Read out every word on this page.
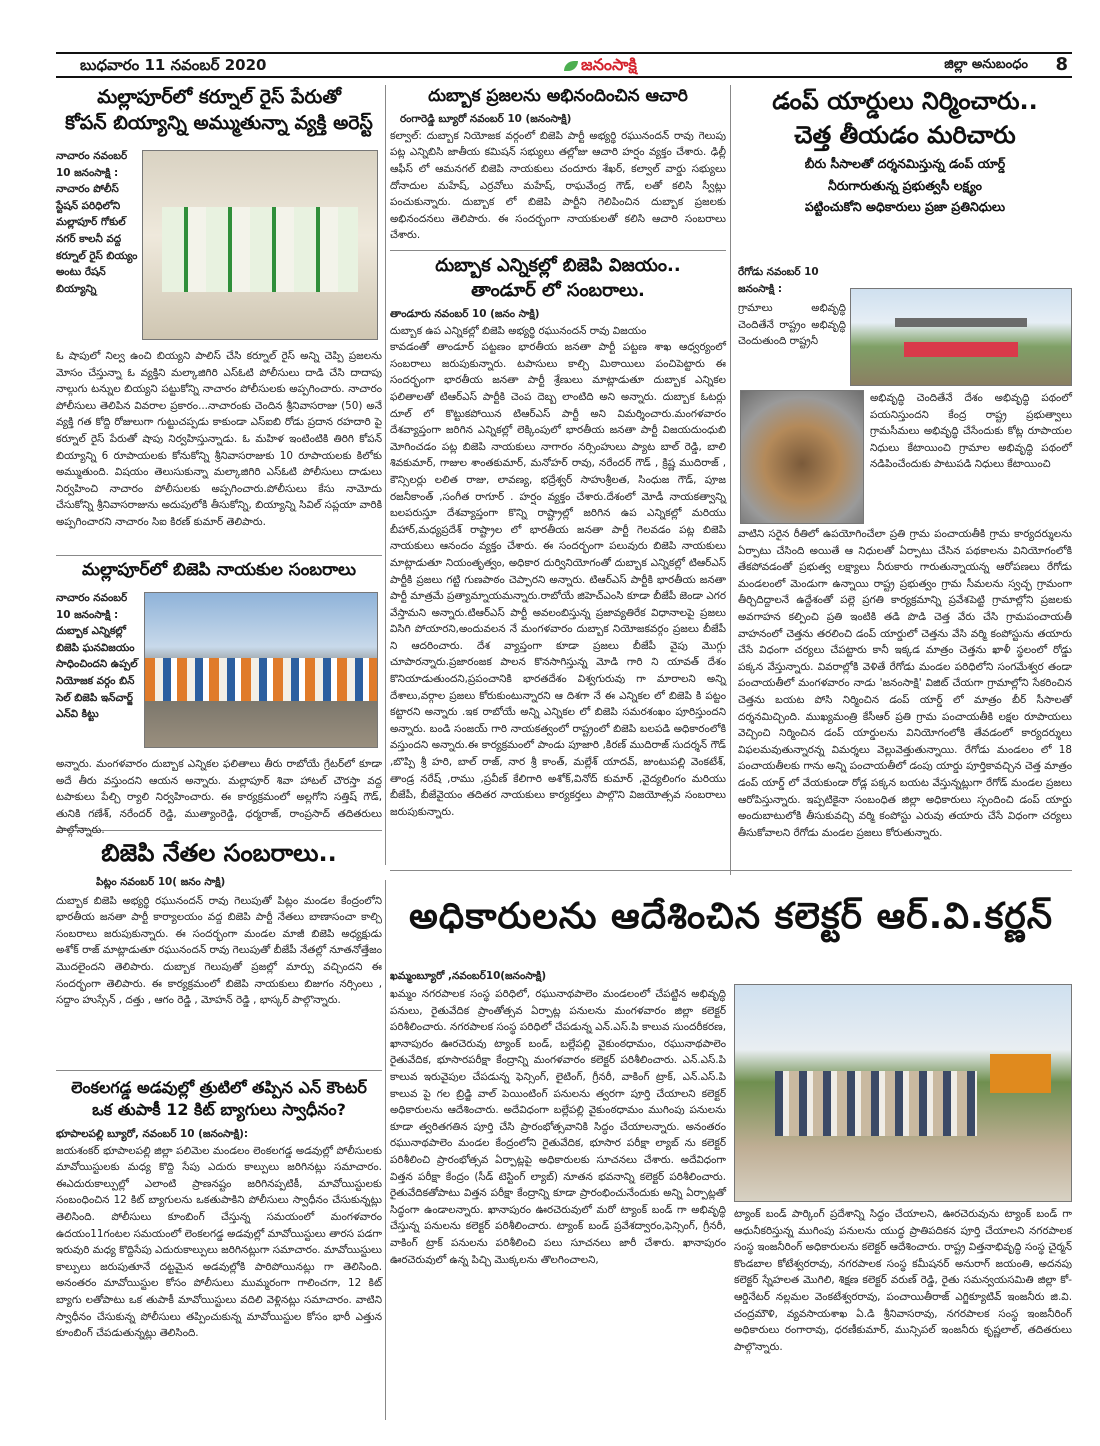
బుధవారం 11 నవంబర్ 2020	జనంసాక్షి	జిల్లా అనుబంధం 8
మల్లాపూర్‌లో కర్నూల్ రైస్ పేరుతో
కోపన్ బియ్యాన్ని అమ్ముతున్నా వ్యక్తి అరెస్ట్
నాచారం నవంబర్ 10 జనంసాక్షి : నాచారం పోలీస్ స్టేషన్ పరిధిలోని మల్లాపూర్ గోకుల్ నగర్ కాలనీ వద్ద కర్నూల్ రైస్ బియ్యం అంటు రేషన్ బియ్యాన్ని
ఓ షాపులో నిల్వ ఉంచి బియ్యని పాలిస్ చేసి కర్నూల్ రైస్ అన్ని చెప్పి ప్రజలను మోసం చేస్తున్నా ఓ వ్యక్తిని మల్కాజిగిరి ఎస్ఓటి పోలీసులు దాడి చేసి దాదాపు నాల్గుగు టన్నుల బియ్యని పట్టుకోన్ని నాచారం పోలీసులకు అప్పగించారు. నాచారం పోలీసులు తెలిపిన వివరాల ప్రకారం...నాచారంకు చెందిన శ్రీనివాసరాజు (50) అనే వ్యక్తి గత కోద్ది రోజులుగా గుట్టుచప్పడు కాకుండా ఎస్ఐబి రోడు ప్రదాన రహదారి పై కర్నూల్ రైస్ పేరుతో షాపు నిర్వహిస్తున్నాడు. ఓ మహిళ ఇంటింటికి తిరిగి కోపన్ బియ్యాన్ని 6 రూపాయలకు కోనుకోన్ని శ్రీనివాసరాజుకు 10 రూపాయలకు కిలోకు అమ్ముతుంది. విషయం తెలుసుకున్నా మల్కాజిగిరి ఎస్ఓటి పోలీసులు దాడులు నిర్వహించి నాచారం పోలీసులకు అప్పగించారు.పోలీసులు కేసు నామోదు చేసుకోన్ని శ్రీనివాసరాజును అదుపులోకి తీసుకోన్ని, బియ్యాన్ని సివిల్ సప్లయా వారికి అప్పగించారని నాచారం సిఐ కిరణ్ కుమార్ తెలిపారు.
మల్లాపూర్‌లో బిజెపి నాయకుల సంబరాలు
నాచారం నవంబర్ 10 జనంసాక్షి : దుబ్బాక ఎన్నికల్లో బిజెపి ఘనవిజయం సాధించిందని ఉప్పల్ నియోజక వర్గం బిన్ సెల్ బిజెపి ఇన్‌చార్జ్ ఎన్‌వి కిట్టు
అన్నారు. మంగళవారం దుబ్బాక ఎన్నికల ఫలితాలు తీరు రాబోయే గ్రేటర్‌లో కూడా అదే తీరు వస్తుందని ఆయన అన్నారు. మల్లాపూర్ శివా హాటల్ చౌరస్తా వద్ద టపాకులు పేల్చి ర్యాలి నిర్వహించారు. ఈ కార్యక్రమంలో అల్లగోని సత్తిష్ గౌడ్, తునికి గణేశ్, నరేందర్ రెడ్డి, ముత్యాంరెడ్డి, ధర్మరాజ్, రాంప్రసాద్ తదితరులు పాల్గోన్నారు.
బిజెపి నేతల సంబరాలు..
పిట్లం నవంబర్ 10( జనం సాక్షి)
దుబ్బాక బిజెపి అభ్యర్థి రఘునందన్ రావు గెలుపుతో పిట్లం మండల కేంద్రంలోని భారతీయ జనతా పార్టీ కార్యాలయం వద్ద బిజెపి పార్టీ నేతలు బాణాసంచా కాల్చి సంబరాలు జరుపుకున్నారు. ఈ సందర్భంగా మండల మాజీ బిజెపి అధ్యక్షుడు అశోక్ రాజ్ మాట్లాడుతూ రఘునందన్ రావు గెలుపుతో బీజేపీ నేతల్లో నూతనోత్తేజం మొదలైందని తెలిపారు. దుబ్బాక గెలుపుతో ప్రజల్లో మార్పు వచ్చిందని ఈ సందర్భంగా తెలిపారు. ఈ కార్యక్రమంలో బిజెపి నాయకులు బిజుగం నర్సింలు , సద్దాం హుస్సేన్ , దత్తు , ఆగం రెడ్డి , మోహన్ రెడ్డి , భాస్కర్ పాల్గొన్నారు.
లెంకలగడ్డ అడవుల్లో త్రుటిలో తప్పిన ఎన్ కౌంటర్
ఒక తుపాకీ 12 కిట్ బ్యాగులు స్వాధీనం?
భూపాలపల్లి బ్యూరో, నవంబర్ 10 (జనంసాక్షి):
జయశంకర్ భూపాలపల్లి జిల్లా పలిమెల మండలం లెంకలగడ్డ అడవుల్లో పోలీసులకు మావోయిస్టులకు మధ్య కొద్ది సేపు ఎదురు కాల్పులు జరిగినట్లు సమాచారం. ఈఎదురుకాల్పుల్లో ఎలాంటి ప్రాణనష్టం జరిగినప్పటికీ, మావోయిస్టులకు సంబంధించిన 12 కిట్ బ్యాగులను ఒకతుపాకిని పోలీసులు స్వాధీనం చేసుకున్నట్లు తెలిసింది. పోలీసులు కూంబింగ్ చేస్తున్న సమయంలో మంగళవారం ఉదయం11గంటల సమయంలో లెంకలగడ్డ అడవుల్లో మావోయిస్టులు తారస పడగా ఇరువురి మధ్య కొద్దిసేపు ఎదురుకాల్పులు జరిగినట్లుగా సమాచారం. మావోయిస్టులు కాల్పులు జరుపుతూనే దట్టమైన అడవుల్లోకి పారిపోయినట్లు గా తెలిసింది. అనంతరం మావోయిస్టుల కోసం పోలీసులు ముమ్మరంగా గాలించగా, 12 కిట్ బ్యాగు లతోపాటు ఒక తుపాకీ మావోయిస్టులు వదిలి వెళ్లినట్లు సమాచారం. వాటిని స్వాధీనం చేసుకున్న పోలీసులు తప్పించుకున్న మావోయిస్టుల కోసం భారీ ఎత్తున కూంబింగ్ చేపడుతున్నట్లు తెలిసింది.
దుబ్బాక ప్రజలను అభినందించిన ఆచారి
రంగారెడ్డి బ్యూరో నవంబర్ 10 (జనంసాక్షి)
కల్వాల్: దుబ్బాక నియోజక వర్గంలో బిజెపి పార్టీ అభ్యర్థి రఘునందన్ రావు గెలుపు పట్ల ఎన్నిబిసి జాతీయ కమిషన్ సభ్యులు తల్లోజు ఆచారి హర్షం వ్యక్తం చేశారు. ఢిల్లీ ఆఫీస్ లో ఆమనగల్ బిజెపి నాయకులు చందూరు శేఖర్, కల్వాల్ వార్డు సభ్యులు దోనాదుల మహేష్, ఎర్రవోలు మహేష్, రాఘవేంద్ర గౌడ్, లతో కలిసి స్వీట్లు పంచుకున్నారు. దుబ్బాక లో బిజెపి పార్టీని గెలిపించిన దుబ్బాక ప్రజలకు అభినందనలు తెలిపారు. ఈ సందర్భంగా నాయకులతో కలిసి ఆచారి సంబరాలు చేశారు.
దుబ్బాక ఎన్నికల్లో బిజెపి విజయం..
తాండూర్ లో సంబరాలు.
తాండూరు నవంబర్ 10 (జనం సాక్షి)
దుబ్బాక ఉప ఎన్నికల్లో బిజెపి అభ్యర్థి రఘునందన్ రావు విజయం
కావడంతో తాండూర్ పట్టణం భారతీయ జనతా పార్టీ పట్టణ శాఖ ఆధ్వర్యంలో సంబరాలు జరుపుకున్నారు. టపాసులు కాల్చి మిఠాయిలు పంచిపెట్టారు ఈ సందర్భంగా భారతీయ జనతా పార్టీ శ్రేణులు మాట్లాడుతూ దుబ్బాక ఎన్నికల ఫలితాలతో టిఆర్ఎస్ పార్టీకి చెంప దెబ్బ లాంటిది అని అన్నారు. దుబ్బాక ఓటర్లు దూల్ లో కొట్టుకపోయిన టిఆర్ఎస్ పార్టీ అని విమర్శించారు.మంగళవారం దేశవ్యాప్తంగా జరిగిన ఎన్నికల్లో లెక్కింపులో భారతీయ జనతా పార్టీ విజయదుంధుబి మోగించడం పట్ల బిజెపి నాయకులు నాగారం నర్సింహులు ప్యాట బాల్ రెడ్డి, బాలి శివకుమార్, గాజుల శాంతకుమార్, మనోహర్ రావు, నరేందర్ గౌడ్ , క్రిష్ణ ముదిరాజ్ , కౌన్సిలర్లు లలిత రాజు, లావణ్య, భద్రేశ్వర్ సాహుశ్రీలత, సింధుజ గౌడ్, పూజ రజనీకాంత్ ,సంగీత రాగూర్ . హర్షం వ్యక్తం చేశారు.దేశంలో మోడీ నాయకత్వాన్ని బలపరుస్తూ దేశవ్యాప్తంగా కొన్ని రాష్ట్రాల్లో జరిగిన ఉప ఎన్నికల్లో మరియు బీహార్,మధ్యప్రదేశ్ రాష్ట్రాల లో భారతీయ జనతా పార్టీ గెలవడం పట్ల బిజెపి నాయకులు ఆనందం వ్యక్తం చేశారు. ఈ సందర్భంగా పలువురు బిజెపి నాయకులు మాట్లాడుతూ నియంతృత్వం, అధికార దుర్వినియోగంతో దుబ్బాక ఎన్నికల్లో టిఆర్ఎస్ పార్టీకి ప్రజలు గట్టి గుణపాఠం చెప్పారని అన్నారు. టిఆర్ఎస్ పార్టీకి భారతీయ జనతా పార్టీ మాత్రమే ప్రత్యామ్నాయమన్నారు.రాబోయే జిహెచ్ఎంసి కూడా బీజేపీ జెండా ఎగర వేస్తామని అన్నారు.టిఆర్ఎస్ పార్టీ అవలంబిస్తున్న ప్రజావ్యతిరేక విధానాలపై ప్రజలు విసిగి పోయారని,అందువలన నే మంగళవారం దుబ్బాక నియోజకవర్గం ప్రజలు బీజేపీ ని ఆదరించారు. దేశ వ్యాప్తంగా కూడా ప్రజలు బీజేపీ వైపు మొగ్గు చూపారన్నారు.ప్రజారంజక పాలన కొనసాగిస్తున్న మోడి గారి ని యావత్ దేశం కొనియాడుతుందని,ప్రపంచానికి భారతదేశం విశ్వగురువు గా మారాలని అన్ని దేశాలు,వర్గాల ప్రజలు కోరుకుంటున్నారని ఆ దిశగా నే ఈ ఎన్నికల లో బిజెపి కి పట్టం కట్టారని అన్నారు .ఇక రాబోయే అన్ని ఎన్నికల లో బిజెపి సమరశంఖం పూరిస్తుందని అన్నారు. బండి సంజయ్ గారి నాయకత్వంలో రాష్ట్రంలో బిజెపి బలపడి అధికారంలోకి వస్తుందని అన్నారు.ఈ కార్యక్రమంలో పాండు పూజారి ,కిరణ్ ముదిరాజ్ సుదర్శన్ గౌడ్ ,బొప్పి శ్రీ హరి, బాల్ రాజ్, నార శ్రీ కాంత్, మల్లేశ్ యాదవ్, జుంటుపల్లి వెంకటేశ్, తాండ్ర నరేష్ ,రాము ,ప్రవీణ్ కేలిగారి అశోక్,వినోద్ కుమార్ ,వైద్యలింగం మరియు బీజేపీ, బీజేవైయం తదితర నాయకులు కార్యకర్తలు పాల్గొని విజయోత్సవ సంబరాలు జరుపుకున్నారు.
డంప్ యార్డులు నిర్మించారు..
చెత్త తీయడం మరిచారు
బీరు సీసాలతో దర్శనమిస్తున్న డంప్ యార్డ్
నీరుగారుతున్న ప్రభుత్వసీ లక్ష్యం
పట్టించుకోని అధికారులు ప్రజా ప్రతినిధులు
రేగోడు నవంబర్ 10 జనంసాక్షి :
గ్రామాలు అభివృద్ధి చెందితేనే రాష్ట్రం అభివృద్ధి చెందుతుంది రాష్ట్రనీ
అభివృద్ధి చెందితేనే దేశం అభివృద్ధి పథంలో పయనిస్తుందని కేంద్ర రాష్ట్ర ప్రభుత్వాలు గ్రామసీమలు అభివృద్ధి చేసేందుకు కోట్ల రూపాయల నిధులు కేటాయించి గ్రామాల అభివృద్ధి పథంలో నడిపించేందుకు పాటుపడి నిధులు కేటాయించి
వాటిని సరైన రీతిలో ఉపయోగించేలా ప్రతి గ్రామ పంచాయతీకి గ్రామ కార్యదర్శులను ఏర్పాటు చేసింది అయితే ఆ నిధులతో ఏర్పాటు చేసిన పథకాలను వినియోగంలోకి తేకపోవడంతో ప్రభుత్వ లక్ష్యాలు నీరుకారు గారుతున్నాయన్న ఆరోపణలు రేగోడు మండలంలో మెండుగా ఉన్నాయి రాష్ట్ర ప్రభుత్వం గ్రామ సీమలను స్వచ్ఛ గ్రామంగా తీర్చిదిద్దాలనే ఉద్దేశంతో పల్లె ప్రగతి కార్యక్రమాన్ని ప్రవేశపెట్టి గ్రామాల్లోని ప్రజలకు అవగాహన కల్పించి ప్రతి ఇంటికి తడి పొడి చెత్త వేరు చేసి గ్రామపంచాయతీ వాహనంలో చెత్తను తరలించి డంప్ యార్డులో చెత్తను వేసి వర్మి కంపోస్టును తయారు చేసే విధంగా చర్యలు చేపట్టారు కానీ ఇక్కడ మాత్రం చెత్తను ఖాళీ స్థలంలో రోడ్డు పక్కన వేస్తున్నారు. వివరాల్లోకి వెళితే రేగోడు మండల పరిధిలోని సంగమేశ్వర తండా పంచాయతీలో మంగళవారం నాడు 'జనంసాక్షి' విజిట్ చేయగా గ్రామాల్లోని సేకరించిన చెత్తను బయట పోసి నిర్మించిన డంప్ యార్డ్ లో మాత్రం బీర్ సీసాలతో దర్శనమిచ్చింది. ముఖ్యమంత్రి కేసీఆర్ ప్రతి గ్రామ పంచాయతీకి లక్షల రూపాయలు వెచ్చించి నిర్మించిన డంప్ యార్డులను వినియోగంలోకి తేవడంలో కార్యదర్శులు విఫలమవుతున్నారన్న విమర్శలు వెల్లువెత్తుతున్నాయి. రేగోడు మండలం లో 18 పంచాయతీలకు గాను అన్ని పంచాయతీలో డంపు యార్డు పూర్తికావచ్చిన చెత్త మాత్రం డంప్ యార్డ్ లో వేయకుండా రోడ్ల పక్కన బయట వేస్తున్నట్లుగా రేగోడ్ మండల ప్రజలు ఆరోపిస్తున్నారు. ఇప్పటికైనా సంబంధిత జిల్లా అధికారులు స్పందించి డంప్ యార్డు అందుబాటులోకి తీసుకువచ్చి వర్మి కంపోస్టు ఎరువు తయారు చేసే విధంగా చర్యలు తీసుకోవాలని రేగోడు మండల ప్రజలు కోరుతున్నారు.
అధికారులను ఆదేశించిన కలెక్టర్ ఆర్.వి.కర్ణన్
ఖమ్మంబ్యూరో ,నవంబర్10(జనంసాక్షి)
ఖమ్మం నగరపాలక సంస్థ పరిధిలో, రఘునాథపాలెం మండలంలో చేపట్టిన అభివృద్ధి పనులు, రైతువేదిక ప్రాంతోత్సవ ఏర్పాట్ల పనులను మంగళవారం జిల్లా కలెక్టర్ పరిశీలించారు. నగరపాలక సంస్థ పరిధిలో చేపడున్న ఎన్.ఎస్.పి కాలువ సుందరీకరణ, ఖానాపురం ఊరచెరువు ట్యాంక్ బండ్, బల్లేపల్లి వైకుంఠధామం, రఘునాథపాలెం రైతువేదిక, భూసారపరీక్షా కేంద్రాన్ని మంగళవారం కలెక్టర్ పరిశీలించారు. ఎన్.ఎస్.పి కాలువ ఇరువైపుల చేపడున్న ఫెన్సింగ్, లైటింగ్, గ్రీనరీ, వాకింగ్ ట్రాక్, ఎన్.ఎస్.పి కాలువ పై గల బ్రిడ్జి వాల్ పెయింటింగ్ పనులను త్వరగా పూర్తి చేయాలని కలెక్టర్ అధికారులను ఆదేశించారు. అదేవిధంగా బల్లేపల్లి వైకుంఠధామం ముగింపు పనులను కూడా త్వరితగతిన పూర్తి చేసి ప్రారంభోత్సవానికి సిద్ధం చేయాలన్నారు. అనంతరం రఘునాథపాలెం మండల కేంద్రంలోని రైతువేదిక, భూసార పరీక్షా ల్యాబ్ ను కలెక్టర్ పరిశీలించి ప్రారంభోత్సవ ఏర్పాట్లపై అధికారులకు సూచనలు చేశారు. అదేవిధంగా విత్తన పరీక్షా కేంద్రం (సీడ్ టెస్టింగ్ ల్యాబ్) నూతన భవనాన్ని కలెక్టర్ పరిశీలించారు. రైతువేదికతోపాటు విత్తన పరీక్షా కేంద్రాన్ని కూడా ప్రారంభించునేందుకు అన్ని ఏర్పాట్లతో సిద్ధంగా ఉండాలన్నారు. ఖానాపురం ఊరచెరువులో మరో ట్యాంక్ బండ్ గా అభివృద్ధి చేస్తున్న పనులను కలెక్టర్ పరిశీలించారు. ట్యాంక్ బండ్ ప్రవేశద్వారం,ఫెన్సింగ్, గ్రీనరీ, వాకింగ్ ట్రాక్ పనులను పరిశీలించి పలు సూచనలు జారీ చేశారు. ఖానాపురం ఊరచెరువులో ఉన్న పిచ్చి మొక్కలను తొలగించాలని,
ట్యాంక్ బండ్ పార్కింగ్ ప్రదేశాన్ని సిద్ధం చేయాలని, ఊరచెరువును ట్యాంక్ బండ్ గా ఆధునీకరిస్తున్న ముగింపు పనులను యుద్ధ ప్రాతిపదికన పూర్తి చేయాలని నగరపాలక సంస్థ ఇంజనీరింగ్ అధికారులను కలెక్టర్ ఆదేశించారు. రాష్ట్ర విత్తనాభివృద్ధి సంస్థ చైర్మన్ కొండబాల కోటేశ్వరరావు, నగరపాలక సంస్థ కమీషనర్ అనురాగ్ జయంతి, అదనపు కలెక్టర్ స్నేహలత మొగిలి, శిక్షణ కలెక్టర్ వరుణ్ రెడ్డి, రైతు సమన్వయసమితి జిల్లా కో-ఆర్డినేటర్ నల్లమల వెంకటేశ్వరరావు, పంచాయితీరాజ్ ఎగ్జిక్యూటివ్ ఇంజనీరు జి.వి. చంద్రమౌళి, వ్యవసాయశాఖ ఏ.డి శ్రీనివాసరావు, నగరపాలక సంస్థ ఇంజనీరింగ్ అధికారులు రంగారావు, ధరణీకుమార్, మున్సిపల్ ఇంజనీరు కృష్ణలాల్, తదితరులు పాల్గొన్నారు.
